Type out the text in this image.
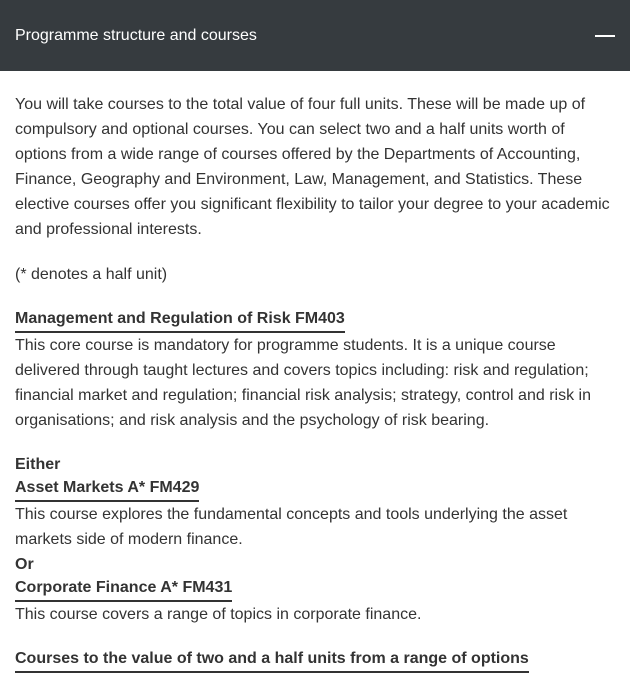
Programme structure and courses

You will take courses to the total value of four full units. These will be made up of compulsory and optional courses. You can select two and a half units worth of options from a wide range of courses offered by the Departments of Accounting, Finance, Geography and Environment, Law, Management, and Statistics. These elective courses offer you significant flexibility to tailor your degree to your academic and professional interests.

(* denotes a half unit)

Management and Regulation of Risk FM403

This core course is mandatory for programme students. It is a unique course delivered through taught lectures and covers topics including: risk and regulation; financial market and regulation; financial risk analysis; strategy, control and risk in organisations; and risk analysis and the psychology of risk bearing.

Either

Asset Markets A* FM429

This course explores the fundamental concepts and tools underlying the asset markets side of modern finance.

Or

Corporate Finance A* FM431

This course covers a range of topics in corporate finance.

Courses to the value of two and a half units from a range of options
